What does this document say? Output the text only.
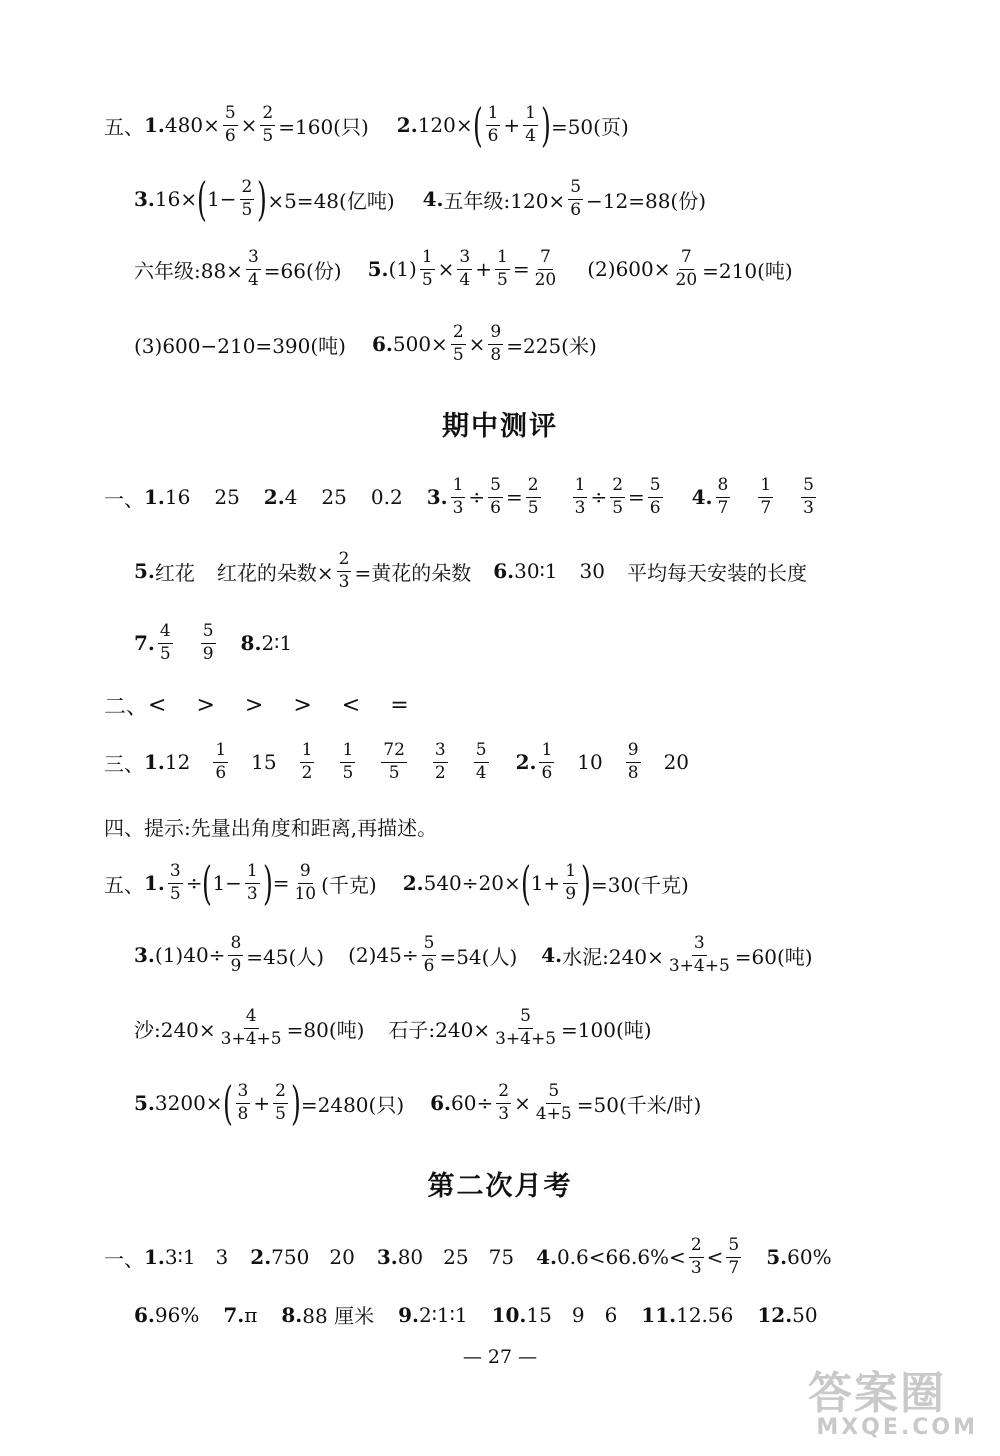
五、 1. $480\times \frac{5}{6} \times \frac{2}{5} =160$(只) 2. 120× ( $\frac{1}{6} + \frac{1}{4}$ ) =50(页)
3. 16× ( $1- \frac{2}{5}$ ) ×5=48(亿吨) 4. 五年级:120× $\frac{5}{6} -12=88$(份)
六年级:88× $\frac{3}{4} =66$(份) 5. $(1) \frac{1}{5} \times \frac{3}{4} + \frac{1}{5} = \frac{7}{20} (2)600\times \frac{7}{20} =210$(吨)
(3)600−210=390(吨) 6. $500\times \frac{2}{5} \times \frac{9}{8} =225$(米)
期中测评
一、 1. 16 25 2. 4 25 0.2 3. $\frac{1}{3} \div \frac{5}{6} = \frac{2}{5} \frac{1}{3} \div \frac{2}{5} = \frac{5}{6} 4$. $\frac{8}{7} \frac{1}{7} \frac{5}{3}$
5. 红花 红花的朵数× $\frac{2}{3}$ =黄花的朵数 6. 30∶1 30 平均每天安装的长度
7. $\frac{4}{5} \frac{5}{9} 8$. 2∶1
二、 < > > > < =
三、 1. $12 \frac{1}{6} 15 \frac{1}{2} \frac{1}{5} \frac{72}{5} \frac{3}{2} \frac{5}{4} 2$. $\frac{1}{6} 10 \frac{9}{8} 20$
四、提示:先量出角度和距离,再描述。
五、 1. $\frac{3}{5}$ ÷ ( $1- \frac{1}{3}$ ) = $\frac{9}{10}$ (千克) 2. 540÷20× ( $1+ \frac{1}{9}$ ) =30(千克)
3. $(1)40\div \frac{8}{9} =45$(人) $(2)45\div \frac{5}{6} =54$(人) 4. 水泥:240× $\frac{3}{3+4+5} =60$(吨)
沙:240× $\frac{4}{3+4+5} =80$(吨) 石子:240× $\frac{5}{3+4+5} =100$(吨)
5. 3200× ( $\frac{3}{8} + \frac{2}{5}$ ) =2480(只) 6. $60\div \frac{2}{3} \times \frac{5}{4+5} =50$(千米/时)
第二次月考
一、 1. 3∶1 3 2. 750 20 3. 80 25 75 4. $0.6<66.6\%< \frac{2}{3} < \frac{5}{7} 5$. 60%
6. 96% 7. π 8. 88 厘米 9. 2∶1∶1 10. 15 9 6 11. 12.56 12. 50
— 27 —
答案圈
MXQE.COM
